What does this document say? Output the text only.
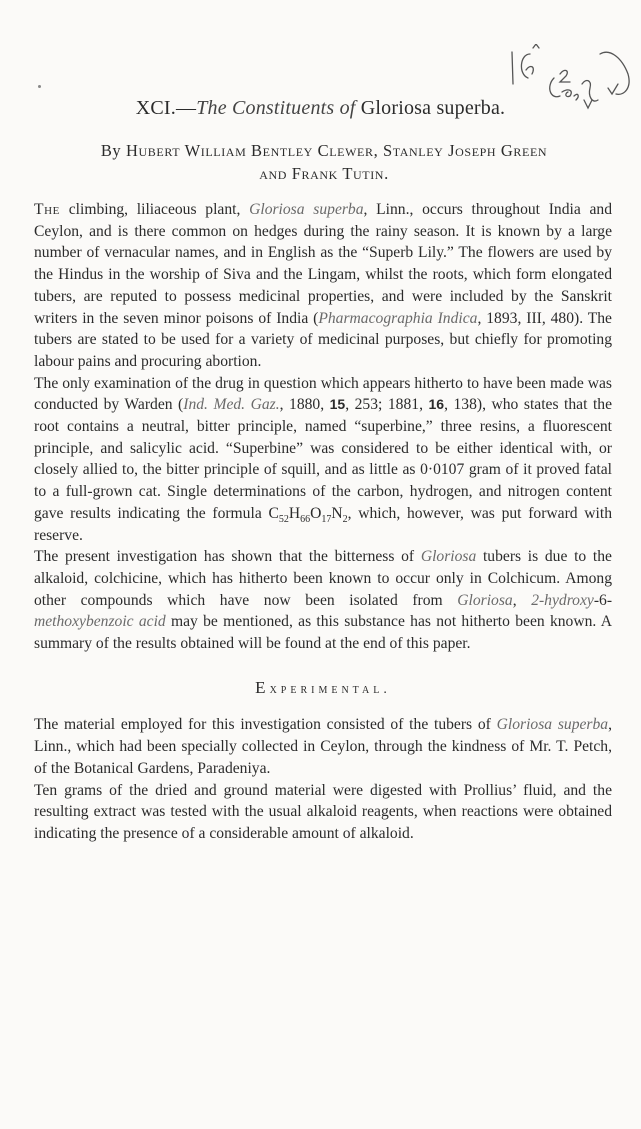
XCI.—The Constituents of Gloriosa superba.
By Hubert William Bentley Clewer, Stanley Joseph Green
and Frank Tutin.

The climbing, liliaceous plant, Gloriosa superba, Linn., occurs throughout India and Ceylon, and is there common on hedges during the rainy season. It is known by a large number of vernacular names, and in English as the “Superb Lily.” The flowers are used by the Hindus in the worship of Siva and the Lingam, whilst the roots, which form elongated tubers, are reputed to possess medicinal properties, and were included by the Sanskrit writers in the seven minor poisons of India (Pharmacographia Indica, 1893, III, 480). The tubers are stated to be used for a variety of medicinal purposes, but chiefly for promoting labour pains and procuring abortion.

The only examination of the drug in question which appears hitherto to have been made was conducted by Warden (Ind. Med. Gaz., 1880, 15, 253; 1881, 16, 138), who states that the root contains a neutral, bitter principle, named “superbine,” three resins, a fluorescent principle, and salicylic acid. “Superbine” was considered to be either identical with, or closely allied to, the bitter principle of squill, and as little as 0·0107 gram of it proved fatal to a full-grown cat. Single determinations of the carbon, hydrogen, and nitrogen content gave results indicating the formula $C_{52}H_{66}O_{17}N_2$, which, however, was put forward with reserve.

The present investigation has shown that the bitterness of Gloriosa tubers is due to the alkaloid, colchicine, which has hitherto been known to occur only in Colchicum. Among other compounds which have now been isolated from Gloriosa, 2-hydroxy-6-methoxybenzoic acid may be mentioned, as this substance has not hitherto been known. A summary of the results obtained will be found at the end of this paper.

Experimental.

The material employed for this investigation consisted of the tubers of Gloriosa superba, Linn., which had been specially collected in Ceylon, through the kindness of Mr. T. Petch, of the Botanical Gardens, Paradeniya.

Ten grams of the dried and ground material were digested with Prollius’ fluid, and the resulting extract was tested with the usual alkaloid reagents, when reactions were obtained indicating the presence of a considerable amount of alkaloid.
